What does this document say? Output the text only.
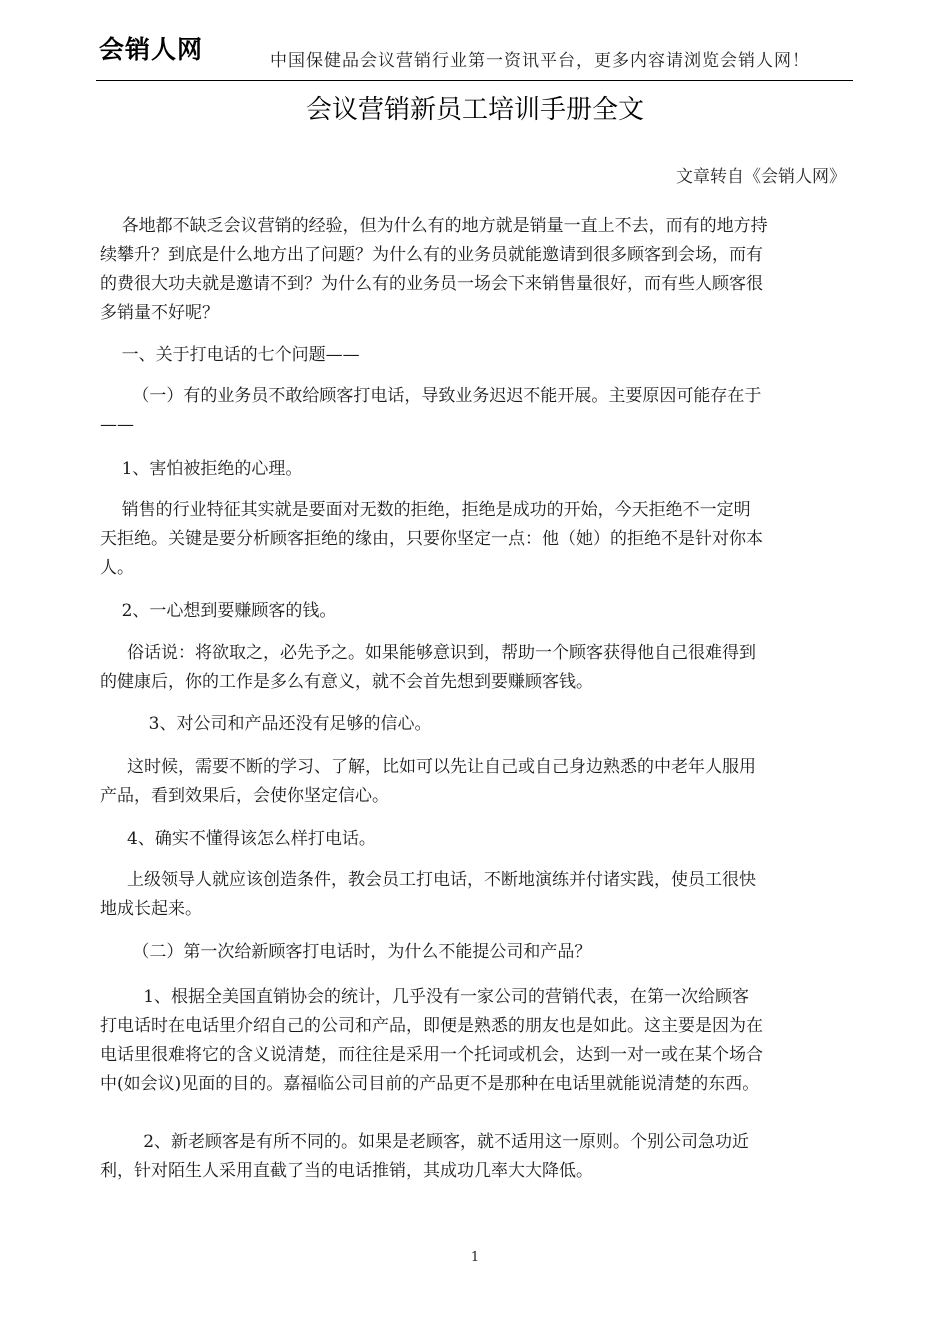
会销人网	中国保健品会议营销行业第一资讯平台，更多内容请浏览会销人网！
会议营销新员工培训手册全文
文章转自《会销人网》
各地都不缺乏会议营销的经验，但为什么有的地方就是销量一直上不去，而有的地方持
续攀升？到底是什么地方出了问题？为什么有的业务员就能邀请到很多顾客到会场，而有
的费很大功夫就是邀请不到？为什么有的业务员一场会下来销售量很好，而有些人顾客很
多销量不好呢？
一、关于打电话的七个问题——
（一）有的业务员不敢给顾客打电话，导致业务迟迟不能开展。主要原因可能存在于
——
1、害怕被拒绝的心理。
销售的行业特征其实就是要面对无数的拒绝，拒绝是成功的开始，今天拒绝不一定明
天拒绝。关键是要分析顾客拒绝的缘由，只要你坚定一点：他（她）的拒绝不是针对你本
人。
2、一心想到要赚顾客的钱。
俗话说：将欲取之，必先予之。如果能够意识到，帮助一个顾客获得他自己很难得到
的健康后，你的工作是多么有意义，就不会首先想到要赚顾客钱。
3、对公司和产品还没有足够的信心。
这时候，需要不断的学习、了解，比如可以先让自己或自己身边熟悉的中老年人服用
产品，看到效果后，会使你坚定信心。
4、确实不懂得该怎么样打电话。
上级领导人就应该创造条件，教会员工打电话，不断地演练并付诸实践，使员工很快
地成长起来。
（二）第一次给新顾客打电话时，为什么不能提公司和产品？
1、根据全美国直销协会的统计，几乎没有一家公司的营销代表，在第一次给顾客
打电话时在电话里介绍自己的公司和产品，即便是熟悉的朋友也是如此。这主要是因为在
电话里很难将它的含义说清楚，而往往是采用一个托词或机会，达到一对一或在某个场合
中(如会议)见面的目的。嘉福临公司目前的产品更不是那种在电话里就能说清楚的东西。
2、新老顾客是有所不同的。如果是老顾客，就不适用这一原则。个别公司急功近
利，针对陌生人采用直截了当的电话推销，其成功几率大大降低。
1
